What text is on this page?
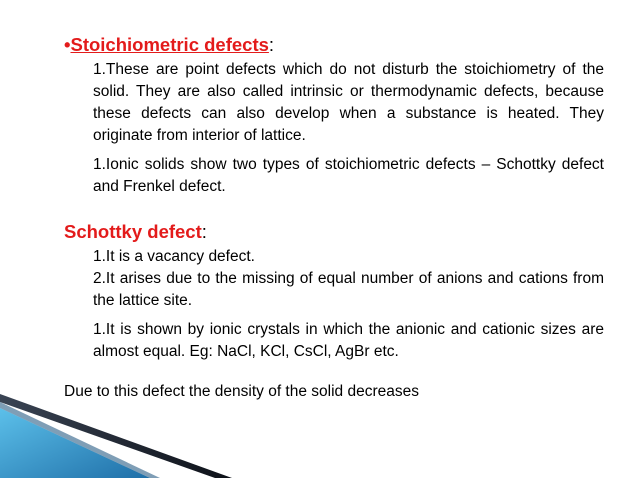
•Stoichiometric defects:

1.These are point defects which do not disturb the stoichiometry of the solid. They are also called intrinsic or thermodynamic defects, because these defects can also develop when a substance is heated. They originate from interior of lattice.

1.Ionic solids show two types of stoichiometric defects – Schottky defect and Frenkel defect.

Schottky defect:

1.It is a vacancy defect.

2.It arises due to the missing of equal number of anions and cations from the lattice site.

1.It is shown by ionic crystals in which the anionic and cationic sizes are almost equal. Eg: NaCl, KCl, CsCl, AgBr etc.

Due to this defect the density of the solid decreases
